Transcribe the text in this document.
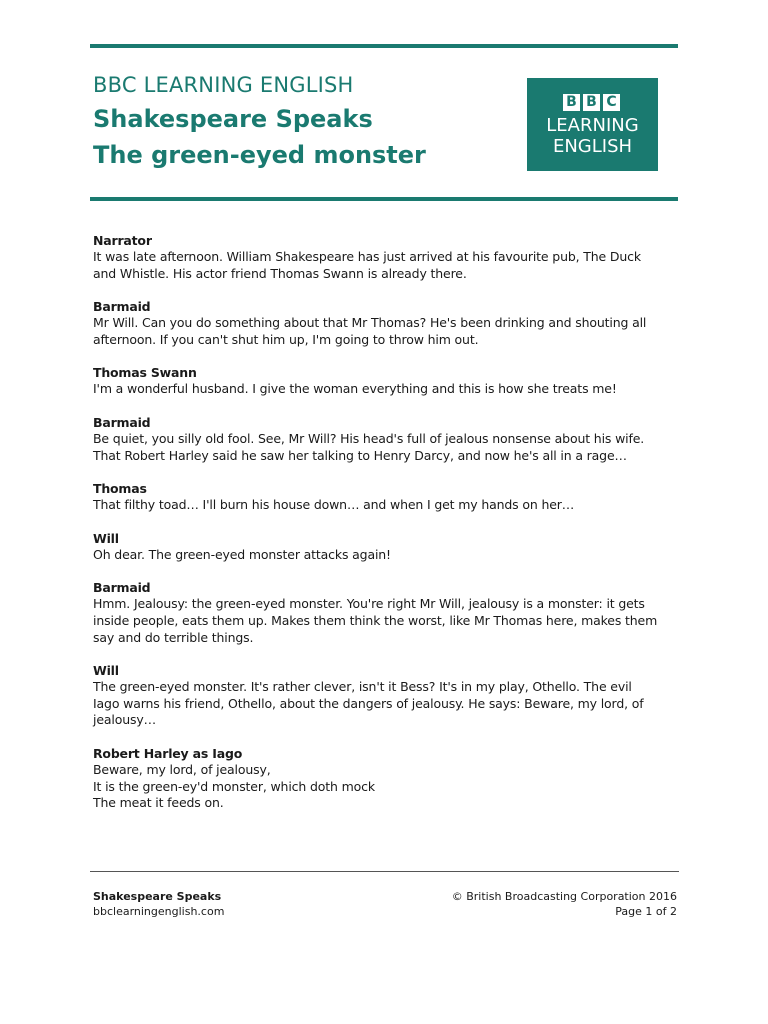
BBC LEARNING ENGLISH
Shakespeare Speaks
The green-eyed monster
B B C
LEARNING
ENGLISH
Narrator
It was late afternoon. William Shakespeare has just arrived at his favourite pub, The Duck
and Whistle. His actor friend Thomas Swann is already there.
Barmaid
Mr Will. Can you do something about that Mr Thomas? He's been drinking and shouting all
afternoon. If you can't shut him up, I'm going to throw him out.
Thomas Swann
I'm a wonderful husband. I give the woman everything and this is how she treats me!
Barmaid
Be quiet, you silly old fool. See, Mr Will? His head's full of jealous nonsense about his wife.
That Robert Harley said he saw her talking to Henry Darcy, and now he's all in a rage…
Thomas
That filthy toad… I'll burn his house down… and when I get my hands on her…
Will
Oh dear. The green-eyed monster attacks again!
Barmaid
Hmm. Jealousy: the green-eyed monster. You're right Mr Will, jealousy is a monster: it gets
inside people, eats them up. Makes them think the worst, like Mr Thomas here, makes them
say and do terrible things.
Will
The green-eyed monster. It's rather clever, isn't it Bess? It's in my play, Othello. The evil
Iago warns his friend, Othello, about the dangers of jealousy. He says: Beware, my lord, of
jealousy…
Robert Harley as Iago
Beware, my lord, of jealousy,
It is the green-ey'd monster, which doth mock
The meat it feeds on.
Shakespeare Speaks
bbclearningenglish.com
© British Broadcasting Corporation 2016
Page 1 of 2
